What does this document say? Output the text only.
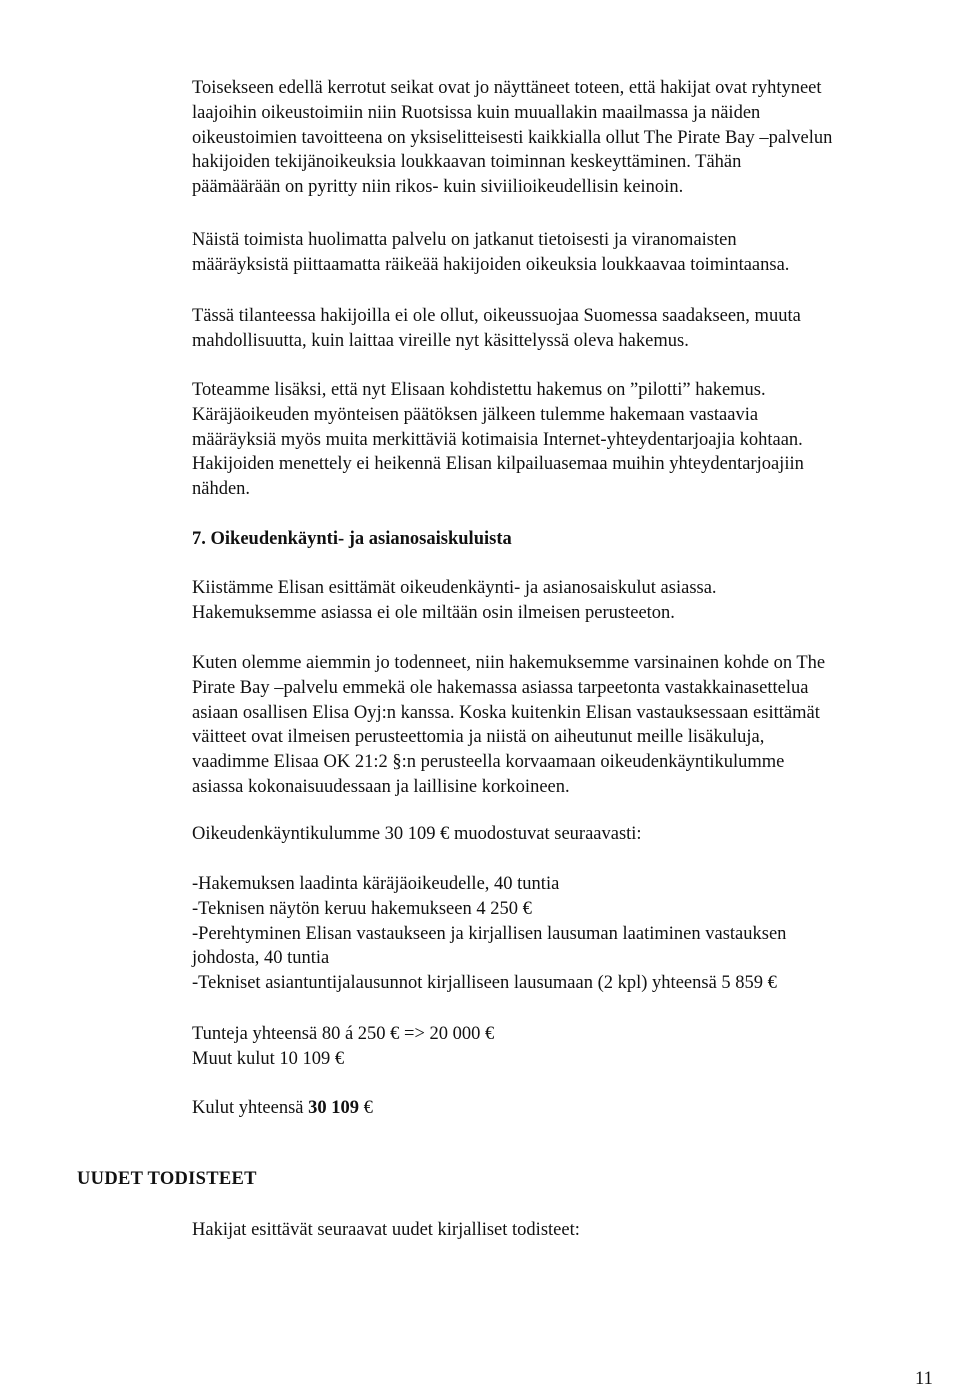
Toisekseen edellä kerrotut seikat ovat jo näyttäneet toteen, että hakijat ovat ryhtyneet
laajoihin oikeustoimiin niin Ruotsissa kuin muuallakin maailmassa ja näiden
oikeustoimien tavoitteena on yksiselitteisesti kaikkialla ollut The Pirate Bay –palvelun
hakijoiden tekijänoikeuksia loukkaavan toiminnan keskeyttäminen. Tähän
päämäärään on pyritty niin rikos- kuin siviilioikeudellisin keinoin.
Näistä toimista huolimatta palvelu on jatkanut tietoisesti ja viranomaisten
määräyksistä piittaamatta räikeää hakijoiden oikeuksia loukkaavaa toimintaansa.
Tässä tilanteessa hakijoilla ei ole ollut, oikeussuojaa Suomessa saadakseen, muuta
mahdollisuutta, kuin laittaa vireille nyt käsittelyssä oleva hakemus.
Toteamme lisäksi, että nyt Elisaan kohdistettu hakemus on ”pilotti” hakemus.
Käräjäoikeuden myönteisen päätöksen jälkeen tulemme hakemaan vastaavia
määräyksiä myös muita merkittäviä kotimaisia Internet-yhteydentarjoajia kohtaan.
Hakijoiden menettely ei heikennä Elisan kilpailuasemaa muihin yhteydentarjoajiin
nähden.
7. Oikeudenkäynti- ja asianosaiskuluista
Kiistämme Elisan esittämät oikeudenkäynti- ja asianosaiskulut asiassa.
Hakemuksemme asiassa ei ole miltään osin ilmeisen perusteeton.
Kuten olemme aiemmin jo todenneet, niin hakemuksemme varsinainen kohde on The
Pirate Bay –palvelu emmekä ole hakemassa asiassa tarpeetonta vastakkainasettelua
asiaan osallisen Elisa Oyj:n kanssa. Koska kuitenkin Elisan vastauksessaan esittämät
väitteet ovat ilmeisen perusteettomia ja niistä on aiheutunut meille lisäkuluja,
vaadimme Elisaa OK 21:2 §:n perusteella korvaamaan oikeudenkäyntikulumme
asiassa kokonaisuudessaan ja laillisine korkoineen.
Oikeudenkäyntikulumme 30 109 € muodostuvat seuraavasti:
-Hakemuksen laadinta käräjäoikeudelle, 40 tuntia
-Teknisen näytön keruu hakemukseen 4 250 €
-Perehtyminen Elisan vastaukseen ja kirjallisen lausuman laatiminen vastauksen
johdosta, 40 tuntia
-Tekniset asiantuntijalausunnot kirjalliseen lausumaan (2 kpl) yhteensä 5 859 €
Tunteja yhteensä 80 á 250 € => 20 000 €
Muut kulut 10 109 €
Kulut yhteensä 30 109 €
UUDET TODISTEET
Hakijat esittävät seuraavat uudet kirjalliset todisteet:
11
